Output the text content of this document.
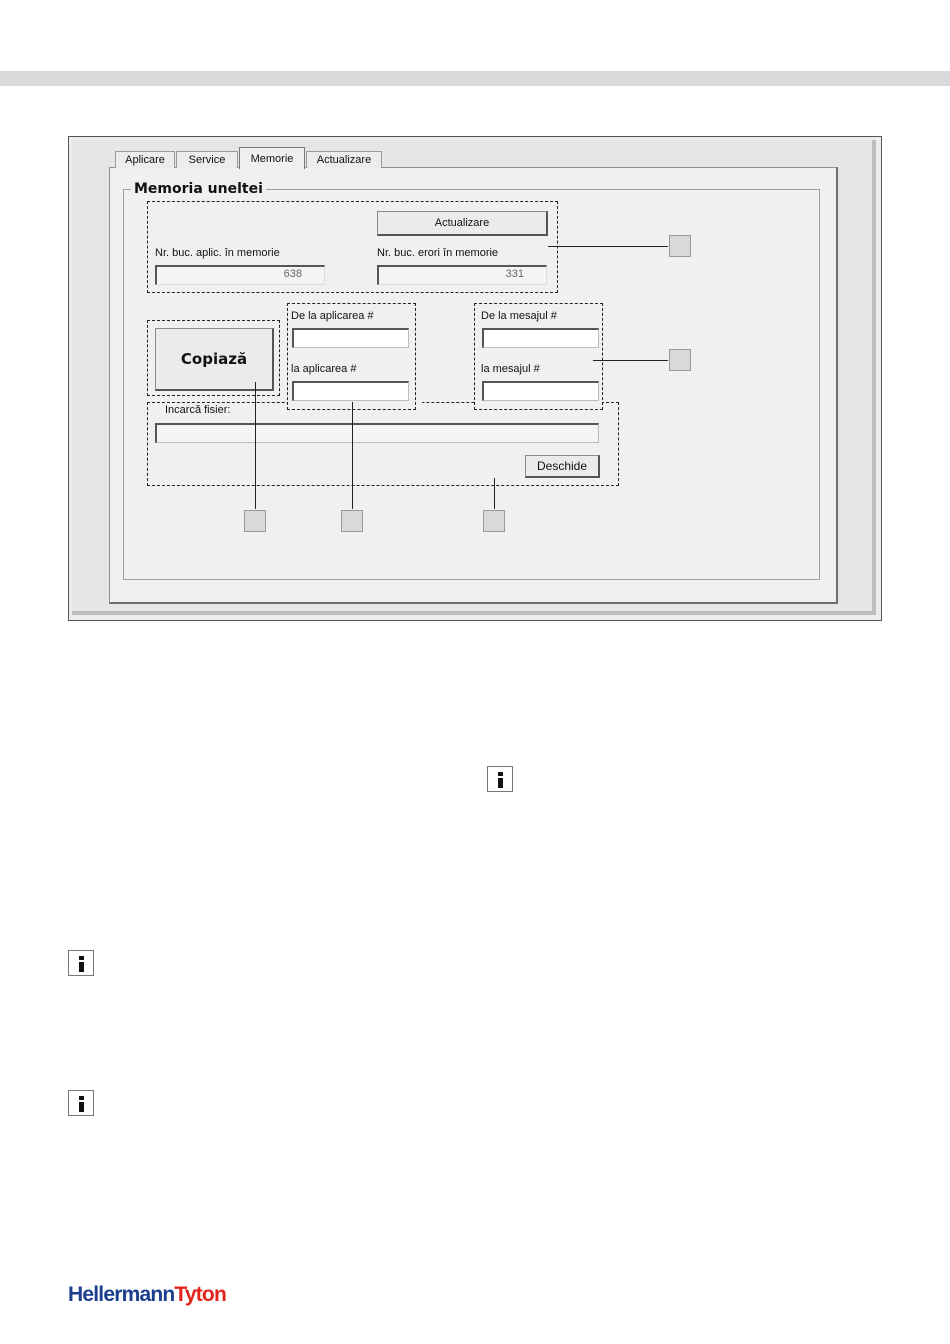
Aplicare	Service	Memorie	Actualizare
Memoria uneltei
Actualizare
Nr. buc. aplic. în memorie
638
Nr. buc. erori în memorie
331
Copiază
De la aplicarea #
la aplicarea #
De la mesajul #
la mesajul #
Incarcă fisier:
Deschide
HellermannTyton
